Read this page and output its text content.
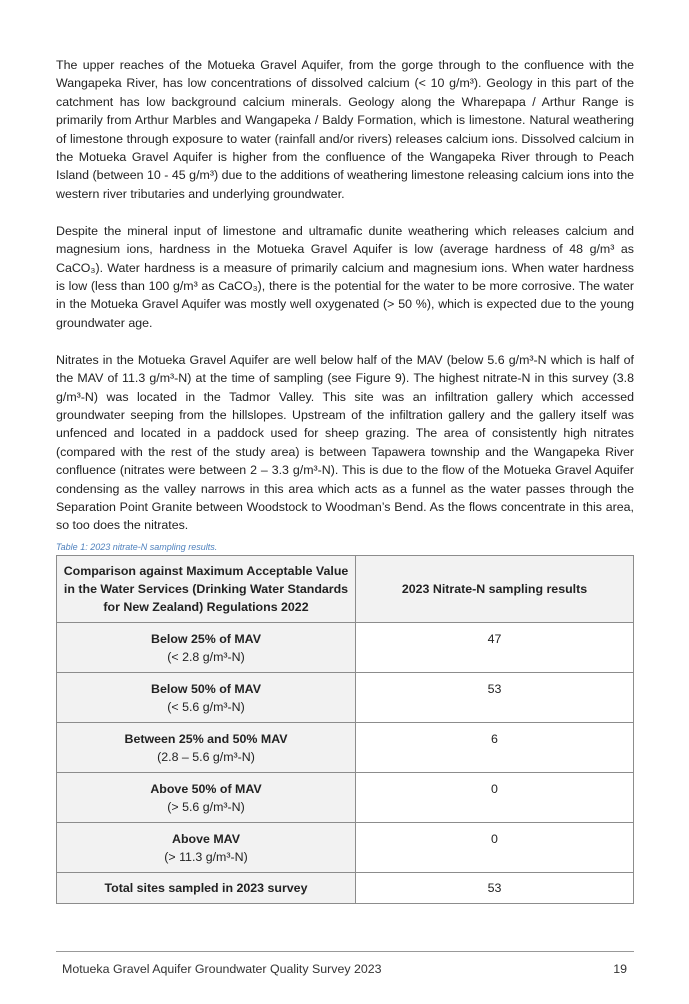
The upper reaches of the Motueka Gravel Aquifer, from the gorge through to the confluence with the Wangapeka River, has low concentrations of dissolved calcium (< 10 g/m³). Geology in this part of the catchment has low background calcium minerals. Geology along the Wharepapa / Arthur Range is primarily from Arthur Marbles and Wangapeka / Baldy Formation, which is limestone. Natural weathering of limestone through exposure to water (rainfall and/or rivers) releases calcium ions. Dissolved calcium in the Motueka Gravel Aquifer is higher from the confluence of the Wangapeka River through to Peach Island (between 10 - 45 g/m³) due to the additions of weathering limestone releasing calcium ions into the western river tributaries and underlying groundwater.

Despite the mineral input of limestone and ultramafic dunite weathering which releases calcium and magnesium ions, hardness in the Motueka Gravel Aquifer is low (average hardness of 48 g/m³ as CaCO₃). Water hardness is a measure of primarily calcium and magnesium ions. When water hardness is low (less than 100 g/m³ as CaCO₃), there is the potential for the water to be more corrosive. The water in the Motueka Gravel Aquifer was mostly well oxygenated (> 50 %), which is expected due to the young groundwater age.

Nitrates in the Motueka Gravel Aquifer are well below half of the MAV (below 5.6 g/m³-N which is half of the MAV of 11.3 g/m³-N) at the time of sampling (see Figure 9). The highest nitrate-N in this survey (3.8 g/m³-N) was located in the Tadmor Valley. This site was an infiltration gallery which accessed groundwater seeping from the hillslopes. Upstream of the infiltration gallery and the gallery itself was unfenced and located in a paddock used for sheep grazing. The area of consistently high nitrates (compared with the rest of the study area) is between Tapawera township and the Wangapeka River confluence (nitrates were between 2 – 3.3 g/m³-N). This is due to the flow of the Motueka Gravel Aquifer condensing as the valley narrows in this area which acts as a funnel as the water passes through the Separation Point Granite between Woodstock to Woodman’s Bend. As the flows concentrate in this area, so too does the nitrates.

Table 1: 2023 nitrate-N sampling results.
Comparison against Maximum Acceptable Value in the Water Services (Drinking Water Standards for New Zealand) Regulations 2022	2023 Nitrate-N sampling results

Below 25% of MAV
(< 2.8 g/m³-N)	47

Below 50% of MAV
(< 5.6 g/m³-N)	53

Between 25% and 50% MAV
(2.8 – 5.6 g/m³-N)	6

Above 50% of MAV
(> 5.6 g/m³-N)	0

Above MAV
(> 11.3 g/m³-N)	0
Total sites sampled in 2023 survey	53
Motueka Gravel Aquifer Groundwater Quality Survey 2023	19
